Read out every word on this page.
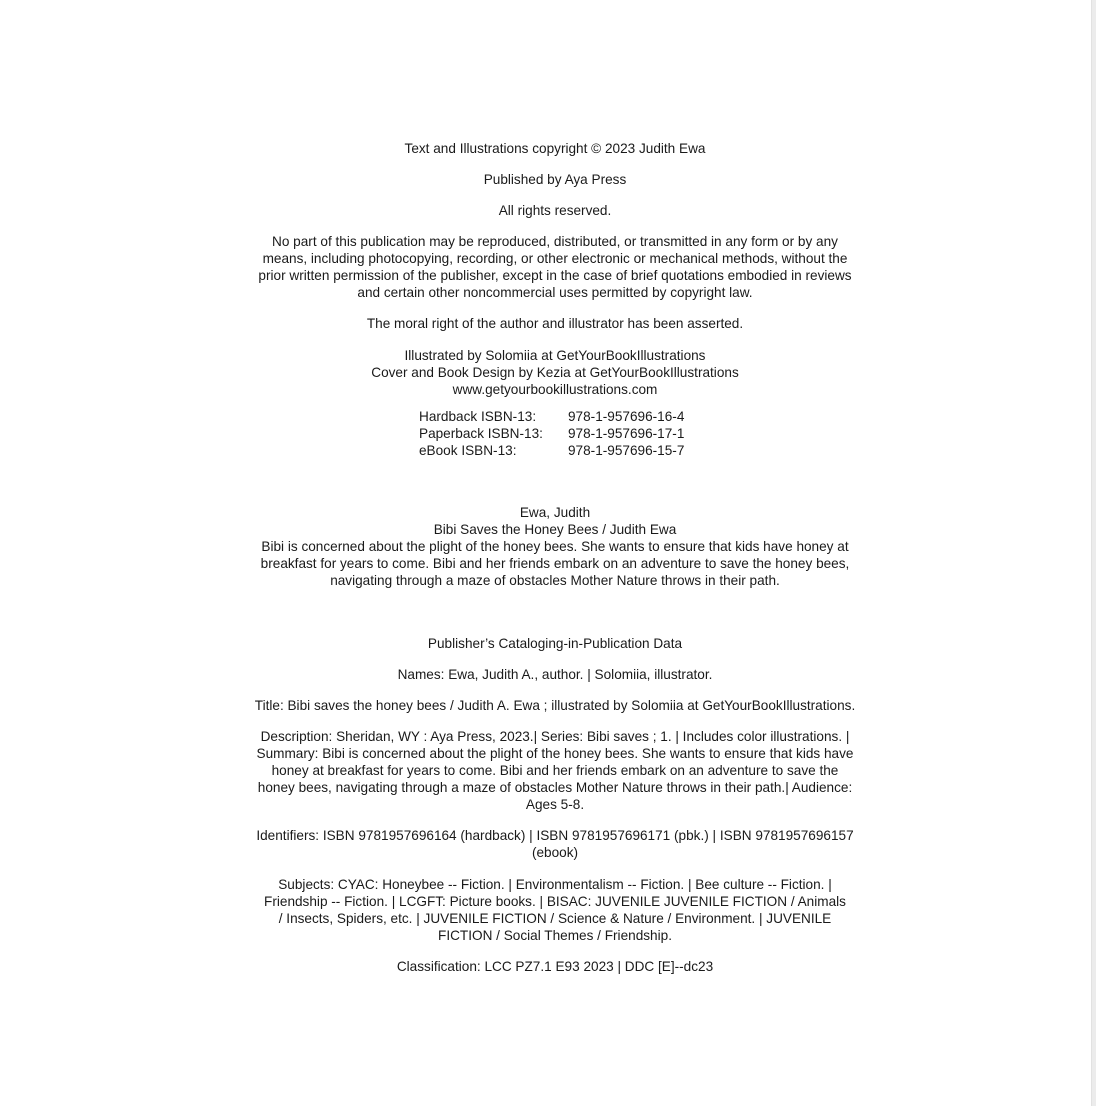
Text and Illustrations copyright © 2023 Judith Ewa
Published by Aya Press
All rights reserved.
No part of this publication may be reproduced, distributed, or transmitted in any form or by any
means, including photocopying, recording, or other electronic or mechanical methods, without the
prior written permission of the publisher, except in the case of brief quotations embodied in reviews
and certain other noncommercial uses permitted by copyright law.
The moral right of the author and illustrator has been asserted.
Illustrated by Solomiia at GetYourBookIllustrations
Cover and Book Design by Kezia at GetYourBookIllustrations
www.getyourbookillustrations.com
Hardback ISBN-13:	978-1-957696-16-4
Paperback ISBN-13:	978-1-957696-17-1
eBook ISBN-13:	978-1-957696-15-7
Ewa, Judith
Bibi Saves the Honey Bees / Judith Ewa
Bibi is concerned about the plight of the honey bees. She wants to ensure that kids have honey at
breakfast for years to come. Bibi and her friends embark on an adventure to save the honey bees,
navigating through a maze of obstacles Mother Nature throws in their path.
Publisher’s Cataloging-in-Publication Data
Names: Ewa, Judith A., author. | Solomiia, illustrator.
Title: Bibi saves the honey bees / Judith A. Ewa ; illustrated by Solomiia at GetYourBookIllustrations.
Description: Sheridan, WY : Aya Press, 2023.| Series: Bibi saves ; 1. | Includes color illustrations. |
Summary: Bibi is concerned about the plight of the honey bees. She wants to ensure that kids have
honey at breakfast for years to come. Bibi and her friends embark on an adventure to save the
honey bees, navigating through a maze of obstacles Mother Nature throws in their path.| Audience:
Ages 5-8.
Identifiers: ISBN 9781957696164 (hardback) | ISBN 9781957696171 (pbk.) | ISBN 9781957696157
(ebook)
Subjects: CYAC: Honeybee -- Fiction. | Environmentalism -- Fiction. | Bee culture -- Fiction. |
Friendship -- Fiction. | LCGFT: Picture books. | BISAC: JUVENILE JUVENILE FICTION / Animals
/ Insects, Spiders, etc. | JUVENILE FICTION / Science & Nature / Environment. | JUVENILE
FICTION / Social Themes / Friendship.
Classification: LCC PZ7.1 E93 2023 | DDC [E]--dc23
